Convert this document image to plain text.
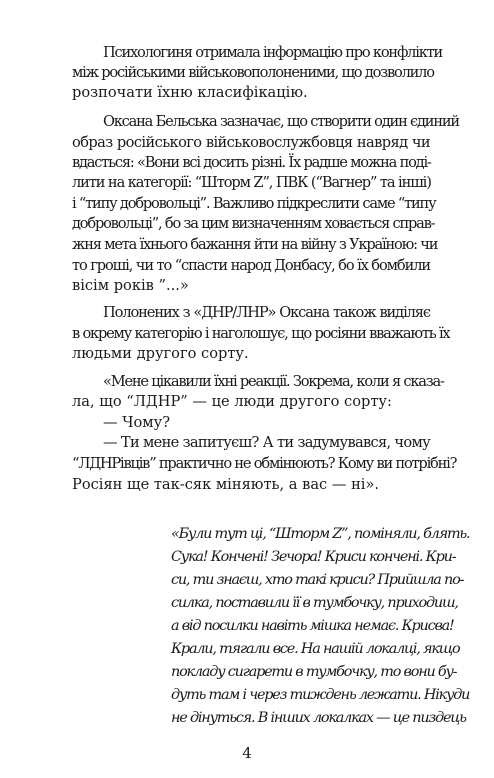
Психологиня отримала інформацію про конфлікти
між російськими військовополоненими, що дозволило
розпочати їхню класифікацію.
Оксана Бельська зазначає, що створити один єдиний
образ російського військовослужбовця навряд чи
вдасться: «Вони всі досить різні. Їх радше можна поді-
лити на категорії: “Шторм Z”, ПВК (“Вагнер” та інші)
і “типу добровольці”. Важливо підкреслити саме “типу
добровольці”, бо за цим визначенням ховається справ-
жня мета їхнього бажання йти на війну з Україною: чи
то гроші, чи то “спасти народ Донбасу, бо їх бомбили
вісім років ”...»
Полонених з «ДНР/ЛНР» Оксана також виділяє
в окрему категорію і наголошує, що росіяни вважають їх
людьми другого сорту.
«Мене цікавили їхні реакції. Зокрема, коли я сказа-
ла, що “ЛДНР” — це люди другого сорту:
— Чому?
— Ти мене запитуєш? А ти задумувався, чому
“ЛДНРівців” практично не обмінюють? Кому ви потрібні?
Росіян ще так-сяк міняють, а вас — ні».
«Були тут ці, “Шторм Z”, поміняли, блять.
Сука! Кончені! Зечора! Криси кончені. Кри-
си, ти знаєш, хто такі криси? Прийшла по-
силка, поставили її в тумбочку, приходиш,
а від посилки навіть мішка немає. Крисва!
Крали, тягали все. На нашій локалці, якщо
покладу сигарети в тумбочку, то вони бу-
дуть там і через тиждень лежати. Нікуди
не дінуться. В інших локалках — це пиздець
4
